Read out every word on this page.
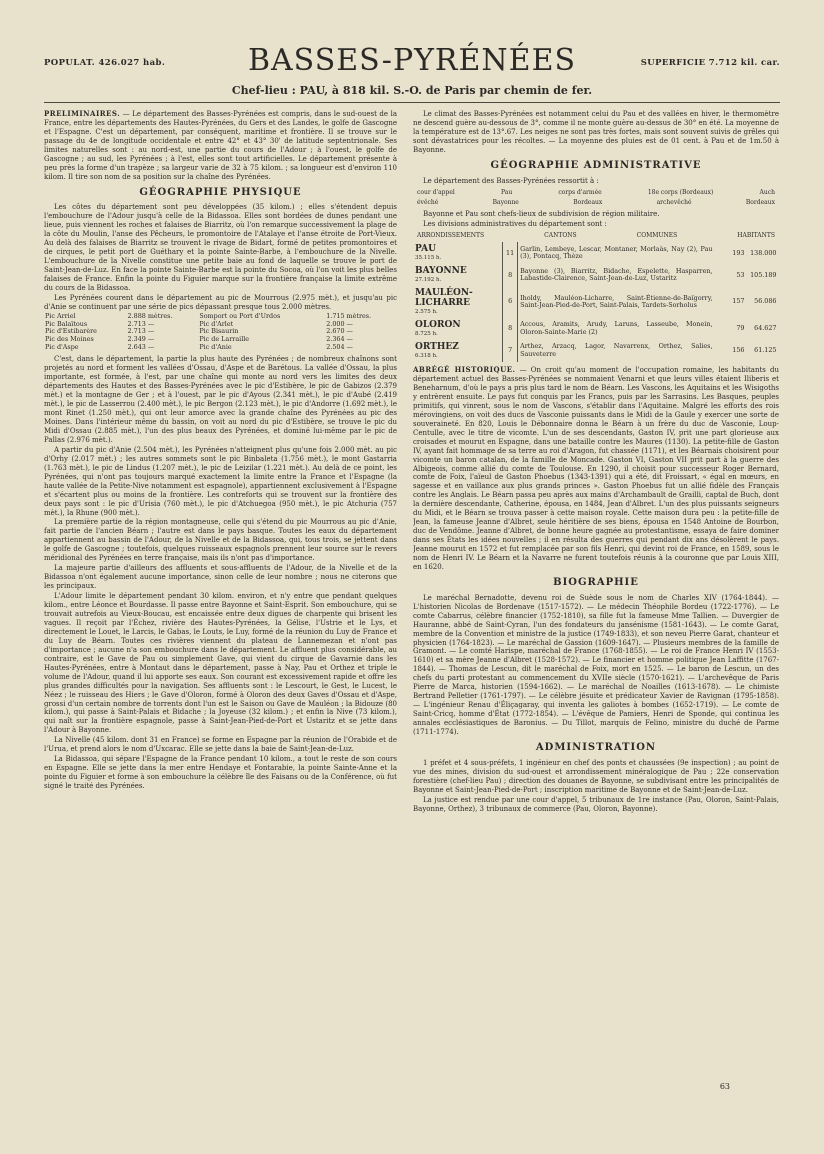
POPULAT. 426.027 hab.	BASSES-PYRÉNÉES	SUPERFICIE 7.712 kil. car.
Chef-lieu : PAU, à 818 kil. S.-O. de Paris par chemin de fer.

PRÉLIMINAIRES. — Le département des Basses-Pyrénées est compris, dans le sud-ouest de la France, entre les départements des Hautes-Pyrénées, du Gers et des Landes, le golfe de Gascogne et l'Espagne. C'est un département, par conséquent, maritime et frontière. Il se trouve sur le passage du 4e de longitude occidentale et entre 42° et 43° 30' de latitude septentrionale. Ses limites naturelles sont : au nord-est, une partie du cours de l'Adour ; à l'ouest, le golfe de Gascogne ; au sud, les Pyrénées ; à l'est, elles sont tout artificielles. Le département présente à peu près la forme d'un trapèze ; sa largeur varie de 32 à 75 kilom. ; sa longueur est d'environ 110 kilom. Il tire son nom de sa position sur la chaîne des Pyrénées.

GÉOGRAPHIE PHYSIQUE

Les côtes du département sont peu développées (35 kilom.) ; elles s'étendent depuis l'embouchure de l'Adour jusqu'à celle de la Bidassoa. Elles sont bordées de dunes pendant une lieue, puis viennent les roches et falaises de Biarritz, où l'on remarque successivement la plage de la côte du Moulin, l'anse des Pêcheurs, le promontoire de l'Atalaye et l'anse étroite de Port-Vieux. Au delà des falaises de Biarritz se trouvent le rivage de Bidart, formé de petites promontoires et de cirques, le petit port de Guéthary et la pointe Sainte-Barbe, à l'embouchure de la Nivelle. L'embouchure de la Nivelle constitue une petite baie au fond de laquelle se trouve le port de Saint-Jean-de-Luz. En face la pointe Sainte-Barbe est la pointe du Socoa, où l'on voit les plus belles falaises de France. Enfin la pointe du Figuier marque sur la frontière française la limite extrême du cours de la Bidassoa.

Les Pyrénées courent dans le département au pic de Mourrous (2.975 mèt.), et jusqu'au pic d'Anie se continuent par une série de pics dépassant presque tous 2.000 mètres.

Pic Arriel	2.888 mètres.	Somport ou Port d'Urdos	1.715 mètres.
Pic Balaïtous	2.713 —	Pic d'Arlet	2.000 —
Pic d'Estibarère	2.713 —	Pic Bisaurin	2.670 —
Pic des Moines	2.349 —	Pic de Larraille	2.364 —
Pic d'Aspe	2.643 —	Pic d'Anie	2.504 —

C'est, dans le département, la partie la plus haute des Pyrénées ; de nombreux chaînons sont projetés au nord et forment les vallées d'Ossau, d'Aspe et de Barétous. La vallée d'Ossau, la plus importante, est formée, à l'est, par une chaîne qui monte au nord vers les limites des deux départements des Hautes et des Basses-Pyrénées avec le pic d'Estibère, le pic de Gabizos (2.379 mèt.) et la montagne de Ger ; et à l'ouest, par le pic d'Ayous (2.341 mèt.), le pic d'Aubé (2.419 mèt.), le pic de Lasserrou (2.400 mèt.), le pic Bergon (2.123 mèt.), le pic d'Andorre (1.692 mèt.), le mont Rinet (1.250 mèt.), qui ont leur amorce avec la grande chaîne des Pyrénées au pic des Moines. Dans l'intérieur même du bassin, on voit au nord du pic d'Estibère, se trouve le pic du Midi d'Ossau (2.885 mèt.), l'un des plus beaux des Pyrénées, et dominé lui-même par le pic de Pallas (2.976 mèt.).

A partir du pic d'Anie (2.504 mèt.), les Pyrénées n'atteignent plus qu'une fois 2.000 mèt. au pic d'Orhy (2.017 mèt.) ; les autres sommets sont le pic Binbaleta (1.756 mèt.), le mont Gastarria (1.763 mèt.), le pic de Lindus (1.207 mèt.), le pic de Leizilar (1.221 mèt.). Au delà de ce point, les Pyrénées, qui n'ont pas toujours marqué exactement la limite entre la France et l'Espagne (la haute vallée de la Petite-Nive notamment est espagnole), appartiennent exclusivement à l'Espagne et s'écartent plus ou moins de la frontière. Les contreforts qui se trouvent sur la frontière des deux pays sont : le pic d'Urisia (760 mèt.), le pic d'Atchuegoa (950 mèt.), le pic Atchuria (757 mèt.), la Rhune (900 mèt.).

La première partie de la région montagneuse, celle qui s'étend du pic Mourrous au pic d'Anie, fait partie de l'ancien Béarn ; l'autre est dans le pays basque. Toutes les eaux du département appartiennent au bassin de l'Adour, de la Nivelle et de la Bidassoa, qui, tous trois, se jettent dans le golfe de Gascogne ; toutefois, quelques ruisseaux espagnols prennent leur source sur le revers méridional des Pyrénées en terre française, mais ils n'ont pas d'importance.

La majeure partie d'ailleurs des affluents et sous-affluents de l'Adour, de la Nivelle et de la Bidassoa n'ont également aucune importance, sinon celle de leur nombre ; nous ne citerons que les principaux.

L'Adour limite le département pendant 30 kilom. environ, et n'y entre que pendant quelques kilom., entre Léonce et Bourdasse. Il passe entre Bayonne et Saint-Esprit. Son embouchure, qui se trouvait autrefois au Vieux-Boucau, est encaissée entre deux digues de charpente qui brisent les vagues. Il reçoit par l'Échez, rivière des Hautes-Pyrénées, la Gélise, l'Ustrie et le Lys, et directement le Louet, le Larcis, le Gabas, le Louts, le Luy, formé de la réunion du Luy de France et du Luy de Béarn. Toutes ces rivières viennent du plateau de Lannemezan et n'ont pas d'importance ; aucune n'a son embouchure dans le département. Le affluent plus considérable, au contraire, est le Gave de Pau ou simplement Gave, qui vient du cirque de Gavarnie dans les Hautes-Pyrénées, entre à Montaut dans le département, passe à Nay, Pau et Orthez et triple le volume de l'Adour, quand il lui apporte ses eaux. Son courant est excessivement rapide et offre les plus grandes difficultés pour la navigation. Ses affluents sont : le Lescourt, le Gest, le Lucest, le Néez ; le ruisseau des Hiers ; le Gave d'Oloron, formé à Oloron des deux Gaves d'Ossau et d'Aspe, grossi d'un certain nombre de torrents dont l'un est le Saison ou Gave de Mauléon ; la Bidouze (80 kilom.), qui passe à Saint-Palais et Bidache ; la Joyeuse (32 kilom.) ; et enfin la Nive (73 kilom.), qui naît sur la frontière espagnole, passe à Saint-Jean-Pied-de-Port et Ustaritz et se jette dans l'Adour à Bayonne.

La Nivelle (45 kilom. dont 31 en France) se forme en Espagne par la réunion de l'Orabide et de l'Urua, et prend alors le nom d'Uxcarac. Elle se jette dans la baie de Saint-Jean-de-Luz.

La Bidassoa, qui sépare l'Espagne de la France pendant 10 kilom., a tout le reste de son cours en Espagne. Elle se jette dans la mer entre Hendaye et Fontarabie, la pointe Sainte-Anne et la pointe du Figuier et forme à son embouchure la célèbre île des Faisans ou de la Conférence, où fut signé le traité des Pyrénées.

Le climat des Basses-Pyrénées est notamment celui du Pau et des vallées en hiver, le thermomètre ne descend guère au-dessous de 3°, comme il ne monte guère au-dessus de 30° en été. La moyenne de la température est de 13°.67. Les neiges ne sont pas très fortes, mais sont souvent suivis de grêles qui sont dévastatrices pour les récoltes. — La moyenne des pluies est de 01 cent. à Pau et de 1m.50 à Bayonne.

GÉOGRAPHIE ADMINISTRATIVE

Le département des Basses-Pyrénées ressortit à :

cour d'appel	Pau	corps d'armée	18e corps (Bordeaux)	Auch
évêché	Bayonne	Bordeaux	archevêché	Bordeaux

Bayonne et Pau sont chefs-lieux de subdivision de région militaire.

Les divisions administratives du département sont :

ARRONDISSEMENTS	CANTONS	COMMUNES	HABITANTS
PAU
35.115 h.	11	Garlin, Lembeye, Lescar, Montaner, Morlaàs, Nay (2), Pau (3), Pontacq, Thèze	193	138.000
BAYONNE
27.192 h.	8	Bayonne (3), Biarritz, Bidache, Espelette, Hasparren, Labastide-Clairence, Saint-Jean-de-Luz, Ustaritz	53	105.189
MAULÉON-LICHARRE
2.575 h.	6	Iholdy, Mauléon-Licharre, Saint-Étienne-de-Baïgorry, Saint-Jean-Pied-de-Port, Saint-Palais, Tardets-Sorholus	157	56.086
OLORON
8.725 h.	8	Accous, Aramits, Arudy, Laruns, Lasseube, Monein, Oloron-Sainte-Marie (2)	79	64.627
ORTHEZ
6.318 h.	7	Arthez, Arzacq, Lagor, Navarrenx, Orthez, Salies, Sauveterre	156	61.125

ABRÉGÉ HISTORIQUE. — On croit qu'au moment de l'occupation romaine, les habitants du département actuel des Basses-Pyrénées se nommaient Venarni et que leurs villes étaient Iliberis et Beneharnum, d'où le pays a pris plus tard le nom de Béarn. Les Vascons, les Aquitains et les Wisigoths y entrèrent ensuite. Le pays fut conquis par les Francs, puis par les Sarrasins. Les Basques, peuples primitifs, qui vinrent, sous le nom de Vascons, s'établir dans l'Aquitaine. Malgré les efforts des rois mérovingiens, on voit des ducs de Vasconie puissants dans le Midi de la Gaule y exercer une sorte de souveraineté. En 820, Louis le Débonnaire donna le Béarn à un frère du duc de Vasconie, Loup-Centulle, avec le titre de vicomte. L'un de ses descendants, Gaston IV, prit une part glorieuse aux croisades et mourut en Espagne, dans une bataille contre les Maures (1130). La petite-fille de Gaston IV, ayant fait hommage de sa terre au roi d'Aragon, fut chassée (1171), et les Béarnais choisirent pour vicomte un baron catalan, de la famille de Moncade. Gaston VI, Gaston VII prit part à la guerre des Albigeois, comme allié du comte de Toulouse. En 1290, il choisit pour successeur Roger Bernard, comte de Foix, l'aïeul de Gaston Phoebus (1343-1391) qui a été, dit Froissart, « égal en mœurs, en sagesse et en vaillance aux plus grands princes ». Gaston Phoebus fut un allié fidèle des Français contre les Anglais. Le Béarn passa peu après aux mains d'Archambault de Grailli, captal de Buch, dont la dernière descendante, Catherine, épousa, en 1484, Jean d'Albret. L'un des plus puissants seigneurs du Midi, et le Béarn se trouva passer à cette maison royale. Cette maison dura peu : la petite-fille de Jean, la fameuse Jeanne d'Albret, seule héritière de ses biens, épousa en 1548 Antoine de Bourbon, duc de Vendôme. Jeanne d'Albret, de bonne heure gagnée au protestantisme, essaya de faire dominer dans ses États les idées nouvelles ; il en résulta des guerres qui pendant dix ans désolèrent le pays. Jeanne mourut en 1572 et fut remplacée par son fils Henri, qui devint roi de France, en 1589, sous le nom de Henri IV. Le Béarn et la Navarre ne furent toutefois réunis à la couronne que par Louis XIII, en 1620.

BIOGRAPHIE

Le maréchal Bernadotte, devenu roi de Suède sous le nom de Charles XIV (1764-1844). — L'historien Nicolas de Bordenave (1517-1572). — Le médecin Théophile Bordeu (1722-1776). — Le comte Cabarrus, célèbre financier (1752-1810), sa fille fut la fameuse Mme Tallien. — Duvergier de Hauranne, abbé de Saint-Cyran, l'un des fondateurs du jansénisme (1581-1643). — Le comte Garat, membre de la Convention et ministre de la justice (1749-1833), et son neveu Pierre Garat, chanteur et physicien (1764-1823). — Le maréchal de Gassion (1609-1647). — Plusieurs membres de la famille de Gramont. — Le comté Harispe, maréchal de France (1768-1855). — Le roi de France Henri IV (1553-1610) et sa mère Jeanne d'Albret (1528-1572). — Le financier et homme politique Jean Laffitte (1767-1844). — Thomas de Lescun, dit le maréchal de Foix, mort en 1525. — Le baron de Lescun, un des chefs du parti protestant au commencement du XVIIe siècle (1570-1621). — L'archevêque de Paris Pierre de Marca, historien (1594-1662). — Le maréchal de Noailles (1613-1678). — Le chimiste Bertrand Pelletier (1761-1797). — Le célèbre jésuite et prédicateur Xavier de Ravignan (1795-1858). — L'ingénieur Renau d'Éliçagaray, qui inventa les galiotes à bombes (1652-1719). — Le comte de Saint-Cricq, homme d'État (1772-1854). — L'évêque de Pamiers, Henri de Sponde, qui continua les annales ecclésiastiques de Baronius. — Du Tillot, marquis de Felino, ministre du duché de Parme (1711-1774).

ADMINISTRATION

1 préfet et 4 sous-préfets, 1 ingénieur en chef des ponts et chaussées (9e inspection) ; au point de vue des mines, division du sud-ouest et arrondissement minéralogique de Pau ; 22e conservation forestière (chef-lieu Pau) ; direction des douanes de Bayonne, se subdivisant entre les principalités de Bayonne et Saint-Jean-Pied-de-Port ; inscription maritime de Bayonne et de Saint-Jean-de-Luz.

La justice est rendue par une cour d'appel, 5 tribunaux de 1re instance (Pau, Oloron, Saint-Palais, Bayonne, Orthez), 3 tribunaux de commerce (Pau, Oloron, Bayonne).

63
